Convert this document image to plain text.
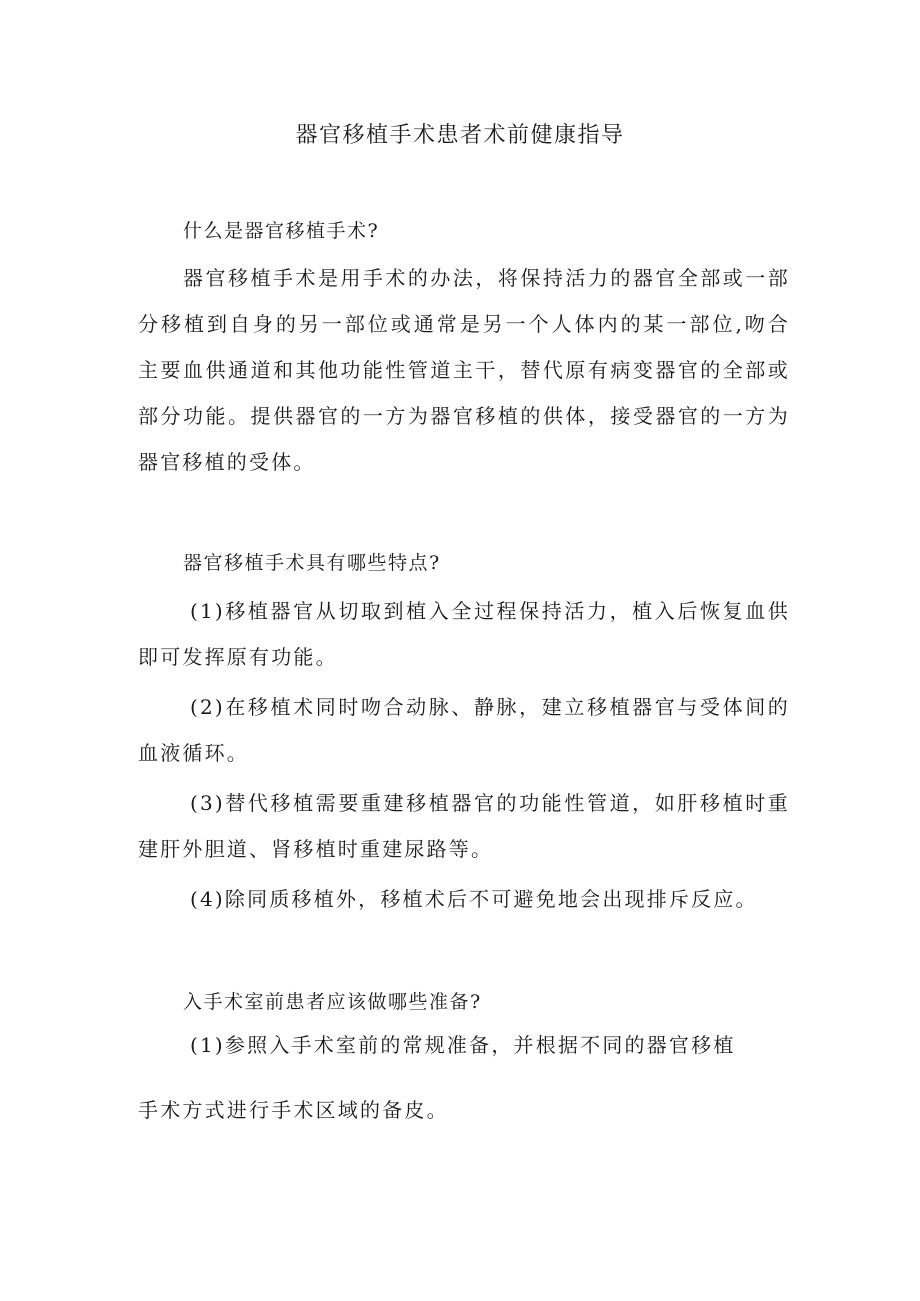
器官移植手术患者术前健康指导
什么是器官移植手术?

器官移植手术是用手术的办法，将保持活力的器官全部或一部分移植到自身的另一部位或通常是另一个人体内的某一部位,吻合主要血供通道和其他功能性管道主干，替代原有病变器官的全部或部分功能。提供器官的一方为器官移植的供体，接受器官的一方为器官移植的受体。

器官移植手术具有哪些特点?

(1)移植器官从切取到植入全过程保持活力，植入后恢复血供即可发挥原有功能。

(2)在移植术同时吻合动脉、静脉，建立移植器官与受体间的血液循环。

(3)替代移植需要重建移植器官的功能性管道，如肝移植时重建肝外胆道、肾移植时重建尿路等。

(4)除同质移植外，移植术后不可避免地会出现排斥反应。

入手术室前患者应该做哪些准备?
(1)参照入手术室前的常规准备，并根据不同的器官移植
手术方式进行手术区域的备皮。
